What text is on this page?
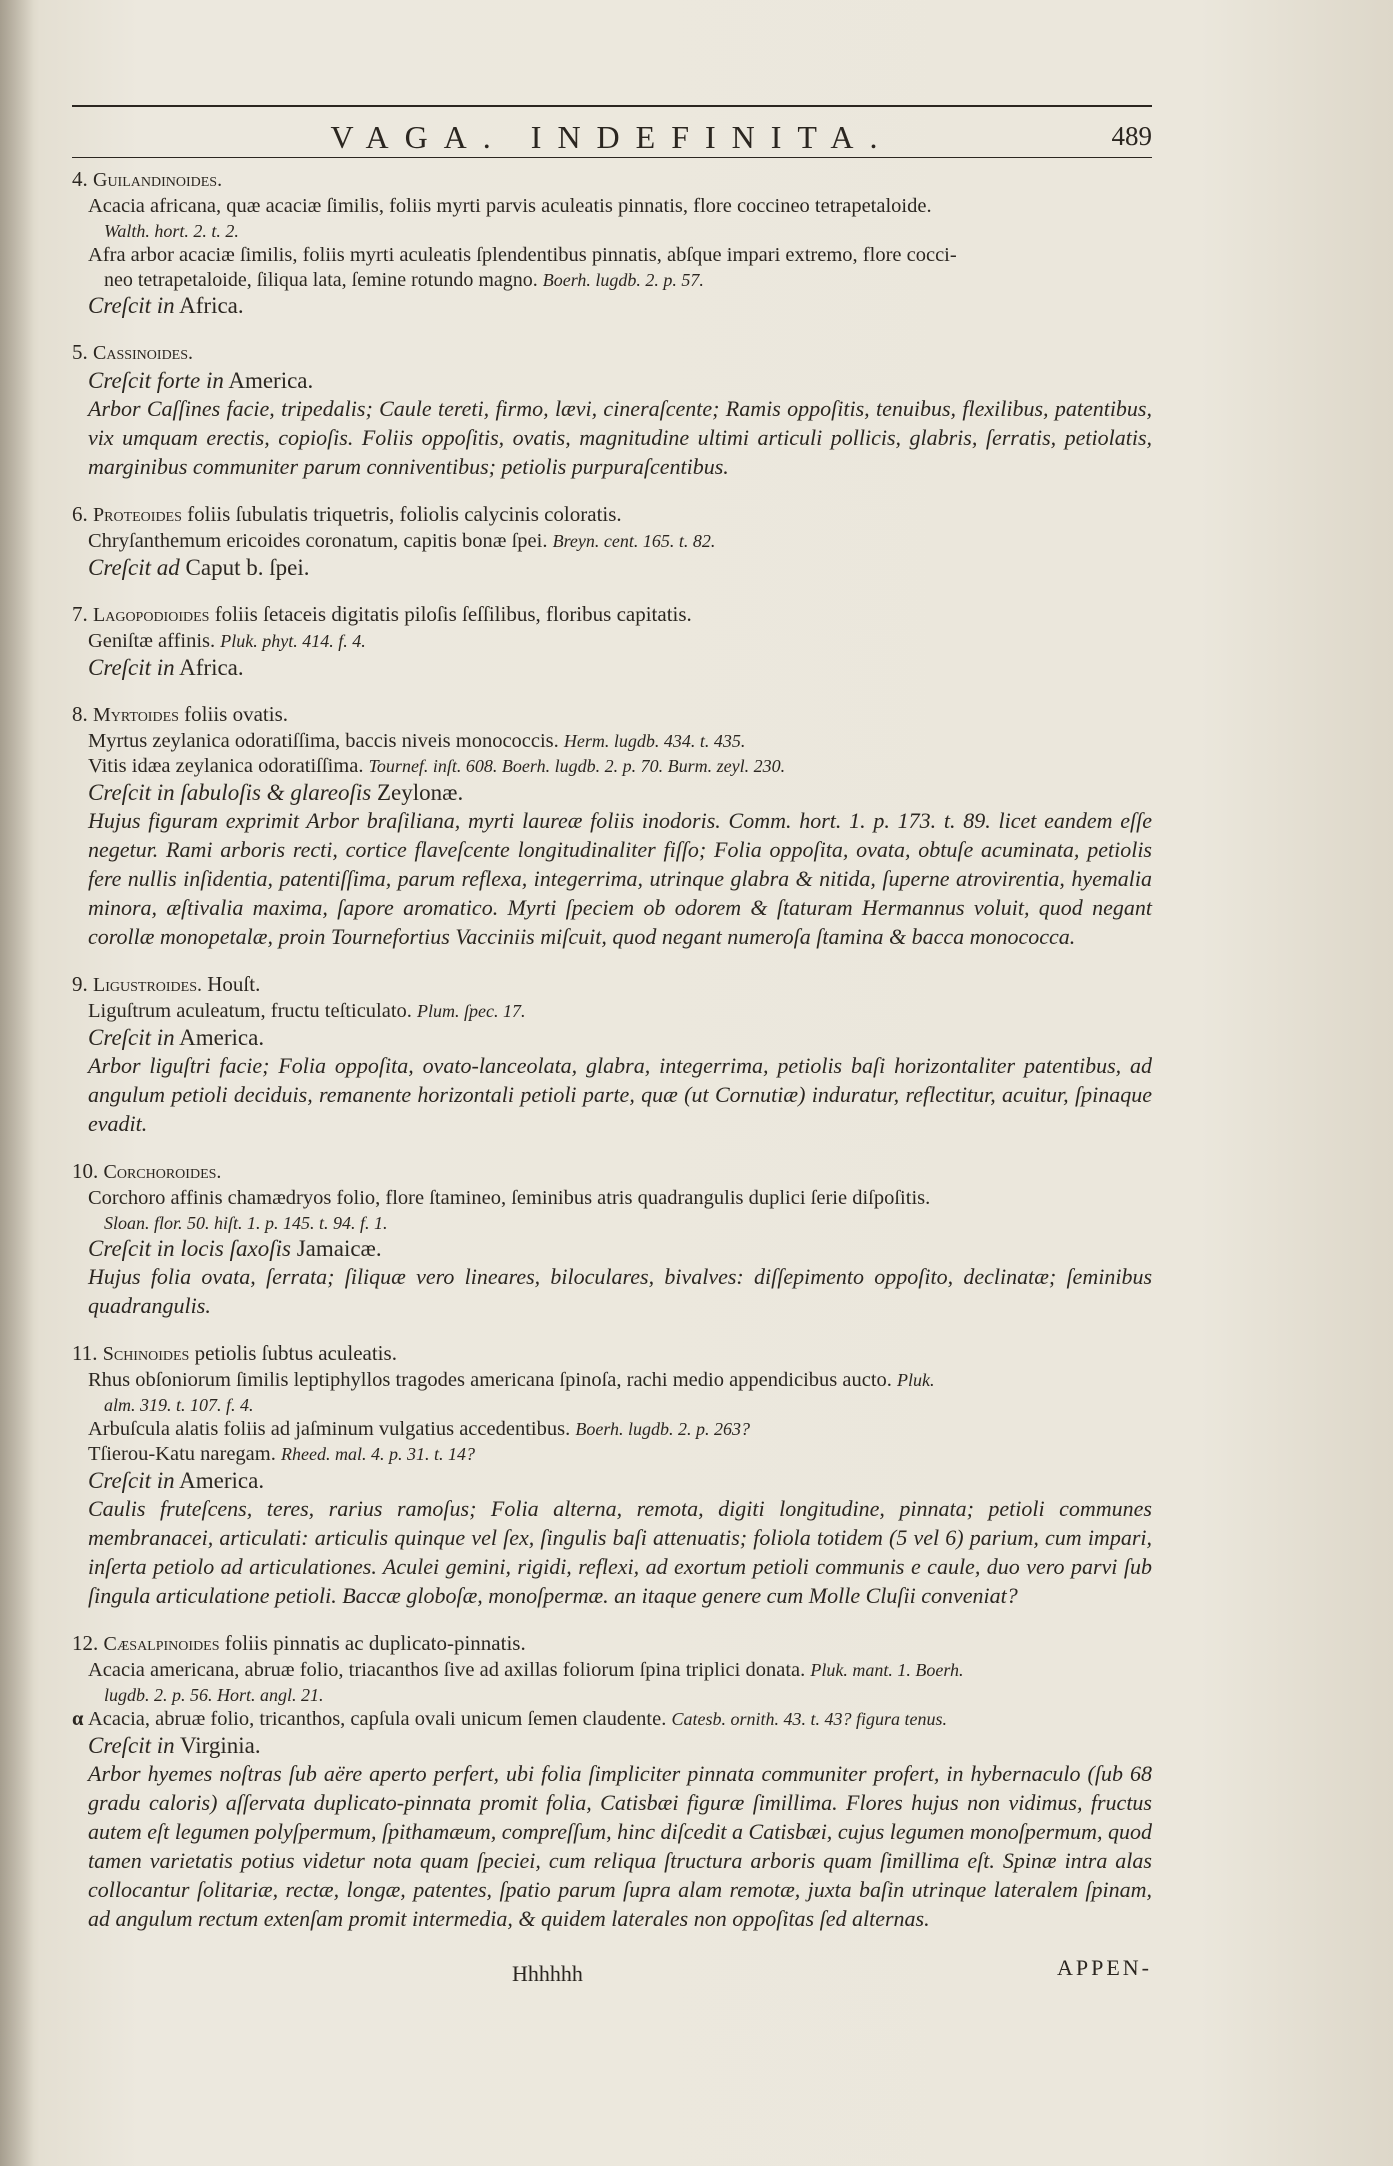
VAGA. INDEFINITA.	489
4. Guilandinoides.
Acacia africana, quæ acaciæ ſimilis, foliis myrti parvis aculeatis pinnatis, flore coccineo tetrapetaloide.
Walth. hort. 2. t. 2.
Afra arbor acaciæ ſimilis, foliis myrti aculeatis ſplendentibus pinnatis, abſque impari extremo, flore cocci-
neo tetrapetaloide, ſiliqua lata, ſemine rotundo magno. Boerh. lugdb. 2. p. 57.
Creſcit in Africa.
5. Cassinoides.
Creſcit forte in America.
Arbor Caſſines facie, tripedalis; Caule tereti, firmo, lævi, cineraſcente; Ramis oppoſitis, tenuibus, flexilibus, patentibus, vix umquam erectis, copioſis. Foliis oppoſitis, ovatis, magnitudine ultimi articuli pollicis, glabris, ſerratis, petiolatis, marginibus communiter parum conniventibus; petiolis purpuraſcentibus.
6. Proteoides foliis ſubulatis triquetris, foliolis calycinis coloratis.
Chryſanthemum ericoides coronatum, capitis bonæ ſpei. Breyn. cent. 165. t. 82.
Creſcit ad Caput b. ſpei.
7. Lagopodioides foliis ſetaceis digitatis piloſis ſeſſilibus, floribus capitatis.
Geniſtæ affinis. Pluk. phyt. 414. f. 4.
Creſcit in Africa.
8. Myrtoides foliis ovatis.
Myrtus zeylanica odoratiſſima, baccis niveis monococcis. Herm. lugdb. 434. t. 435.
Vitis idæa zeylanica odoratiſſima. Tournef. inſt. 608. Boerh. lugdb. 2. p. 70. Burm. zeyl. 230.
Creſcit in ſabuloſis & glareoſis Zeylonæ.
Hujus figuram exprimit Arbor braſiliana, myrti laureæ foliis inodoris. Comm. hort. 1. p. 173. t. 89. licet eandem eſſe negetur. Rami arboris recti, cortice flaveſcente longitudinaliter fiſſo; Folia oppoſita, ovata, obtuſe acuminata, petiolis fere nullis inſidentia, patentiſſima, parum reflexa, integerrima, utrinque glabra & nitida, ſuperne atrovirentia, hyemalia minora, æſtivalia maxima, ſapore aromatico. Myrti ſpeciem ob odorem & ſtaturam Hermannus voluit, quod negant corollæ monopetalæ, proin Tournefortius Vacciniis miſcuit, quod negant numeroſa ſtamina & bacca monococca.
9. Ligustroides. Houſt.
Liguſtrum aculeatum, fructu teſticulato. Plum. ſpec. 17.
Creſcit in America.
Arbor liguſtri facie; Folia oppoſita, ovato-lanceolata, glabra, integerrima, petiolis baſi horizontaliter patentibus, ad angulum petioli deciduis, remanente horizontali petioli parte, quæ (ut Cornutiæ) induratur, reflectitur, acuitur, ſpinaque evadit.
10. Corchoroides.
Corchoro affinis chamædryos folio, flore ſtamineo, ſeminibus atris quadrangulis duplici ſerie diſpoſitis.
Sloan. flor. 50. hiſt. 1. p. 145. t. 94. f. 1.
Creſcit in locis ſaxoſis Jamaicæ.
Hujus folia ovata, ſerrata; ſiliquæ vero lineares, biloculares, bivalves: diſſepimento oppoſito, declinatæ; ſeminibus quadrangulis.
11. Schinoides petiolis ſubtus aculeatis.
Rhus obſoniorum ſimilis leptiphyllos tragodes americana ſpinoſa, rachi medio appendicibus aucto. Pluk.
alm. 319. t. 107. f. 4.
Arbuſcula alatis foliis ad jaſminum vulgatius accedentibus. Boerh. lugdb. 2. p. 263?
Tſierou-Katu naregam. Rheed. mal. 4. p. 31. t. 14?
Creſcit in America.
Caulis fruteſcens, teres, rarius ramoſus; Folia alterna, remota, digiti longitudine, pinnata; petioli communes membranacei, articulati: articulis quinque vel ſex, ſingulis baſi attenuatis; foliola totidem (5 vel 6) parium, cum impari, inſerta petiolo ad articulationes. Aculei gemini, rigidi, reflexi, ad exortum petioli communis e caule, duo vero parvi ſub ſingula articulatione petioli. Baccæ globoſæ, monoſpermæ. an itaque genere cum Molle Cluſii conveniat?
12. Cæsalpinoides foliis pinnatis ac duplicato-pinnatis.
Acacia americana, abruæ folio, triacanthos ſive ad axillas foliorum ſpina triplici donata. Pluk. mant. 1. Boerh.
lugdb. 2. p. 56. Hort. angl. 21.
α Acacia, abruæ folio, tricanthos, capſula ovali unicum ſemen claudente. Catesb. ornith. 43. t. 43? figura tenus.
Creſcit in Virginia.
Arbor hyemes noſtras ſub aëre aperto perfert, ubi folia ſimpliciter pinnata communiter profert, in hybernaculo (ſub 68 gradu caloris) aſſervata duplicato-pinnata promit folia, Catisbæi figuræ ſimillima. Flores hujus non vidimus, fructus autem eſt legumen polyſpermum, ſpithamæum, compreſſum, hinc diſcedit a Catisbæi, cujus legumen monoſpermum, quod tamen varietatis potius videtur nota quam ſpeciei, cum reliqua ſtructura arboris quam ſimillima eſt. Spinæ intra alas collocantur ſolitariæ, rectæ, longæ, patentes, ſpatio parum ſupra alam remotæ, juxta baſin utrinque lateralem ſpinam, ad angulum rectum extenſam promit intermedia, & quidem laterales non oppoſitas ſed alternas.
Hhhhhh	APPEN-
